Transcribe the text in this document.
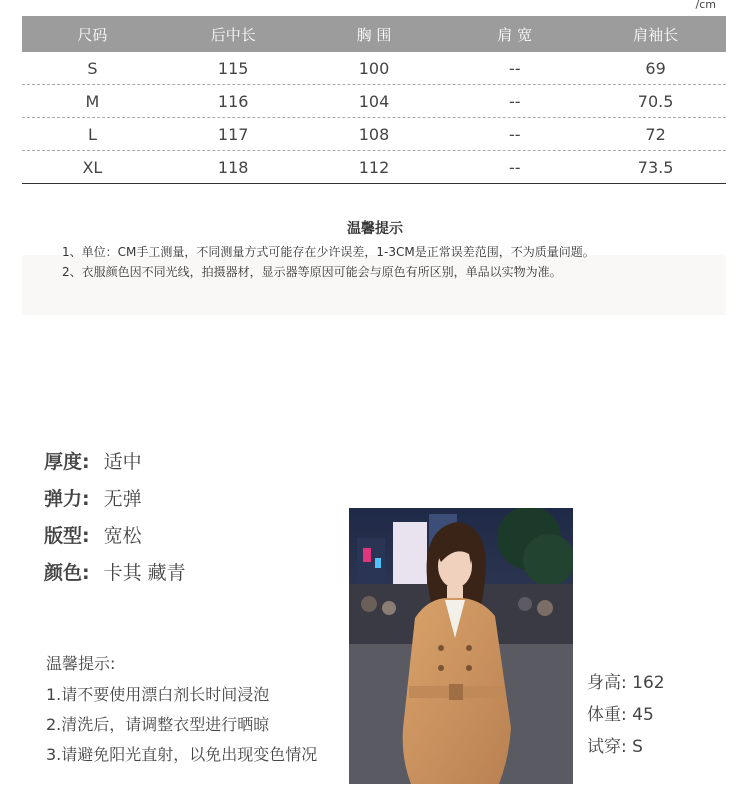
/cm
尺码	后中长	胸 围	肩 宽	肩袖长
S	115	100	--	69
M	116	104	--	70.5
L	117	108	--	72
XL	118	112	--	73.5
温馨提示
1、单位：CM手工测量，不同测量方式可能存在少许误差，1-3CM是正常误差范围，不为质量问题。
2、衣服颜色因不同光线，拍摄器材，显示器等原因可能会与原色有所区别，单品以实物为准。
厚度: 适中
弹力: 无弹
版型: 宽松
颜色: 卡其 藏青
温馨提示:
1.请不要使用漂白剂长时间浸泡
2.清洗后，请调整衣型进行晒晾
3.请避免阳光直射，以免出现变色情况
身高: 162
体重: 45
试穿: S
